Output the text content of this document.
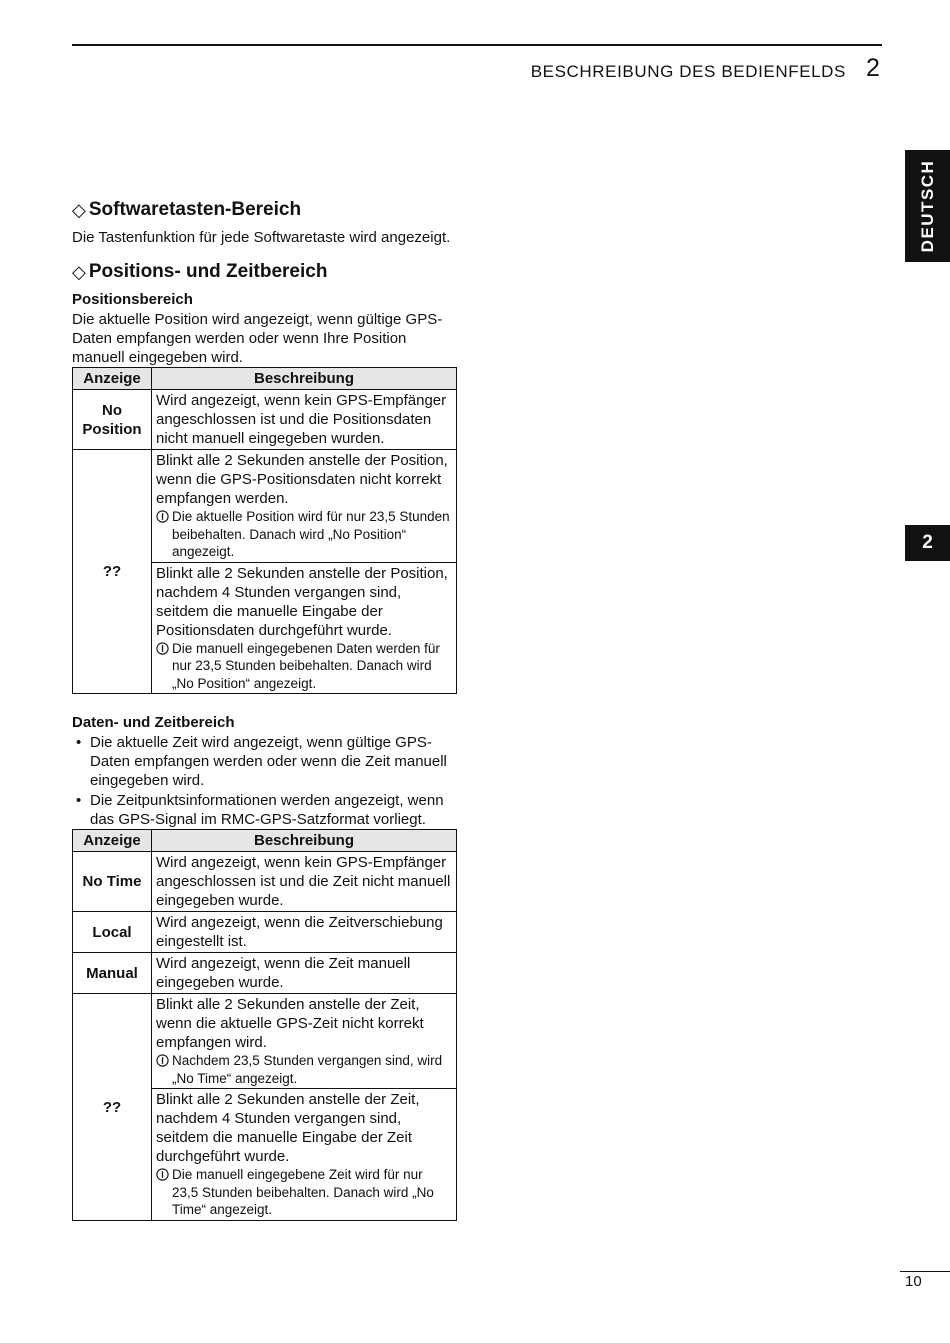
BESCHREIBUNG DES BEDIENFELDS 2
DEUTSCH
2
10
◇ Softwaretasten-Bereich

Die Tastenfunktion für jede Softwaretaste wird angezeigt.

◇ Positions- und Zeitbereich

Positionsbereich

Die aktuelle Position wird angezeigt, wenn gültige GPS-Daten empfangen werden oder wenn Ihre Position manuell eingegeben wird.

Anzeige	Beschreibung
No Position	Wird angezeigt, wenn kein GPS-Empfänger angeschlossen ist und die Positionsdaten nicht manuell eingegeben wurden.
??	Blinkt alle 2 Sekunden anstelle der Position, wenn die GPS-Positionsdaten nicht korrekt empfangen werden.
Die aktuelle Position wird für nur 23,5 Stunden beibehalten. Danach wird „No Position“ angezeigt.

	Blinkt alle 2 Sekunden anstelle der Position, nachdem 4 Stunden vergangen sind, seitdem die manuelle Eingabe der Positionsdaten durchgeführt wurde.
Die manuell eingegebenen Daten werden für nur 23,5 Stunden beibehalten. Danach wird „No Position“ angezeigt.

Daten- und Zeitbereich

• Die aktuelle Zeit wird angezeigt, wenn gültige GPS-Daten empfangen werden oder wenn die Zeit manuell eingegeben wird.
• Die Zeitpunktsinformationen werden angezeigt, wenn das GPS-Signal im RMC-GPS-Satzformat vorliegt.
Anzeige	Beschreibung
No Time	Wird angezeigt, wenn kein GPS-Empfänger angeschlossen ist und die Zeit nicht manuell eingegeben wurde.
Local	Wird angezeigt, wenn die Zeitverschiebung eingestellt ist.
Manual	Wird angezeigt, wenn die Zeit manuell eingegeben wurde.
??	Blinkt alle 2 Sekunden anstelle der Zeit, wenn die aktuelle GPS-Zeit nicht korrekt empfangen wird.
Nachdem 23,5 Stunden vergangen sind, wird „No Time“ angezeigt.

	Blinkt alle 2 Sekunden anstelle der Zeit, nachdem 4 Stunden vergangen sind, seitdem die manuelle Eingabe der Zeit durchgeführt wurde.
Die manuell eingegebene Zeit wird für nur 23,5 Stunden beibehalten. Danach wird „No Time“ angezeigt.
